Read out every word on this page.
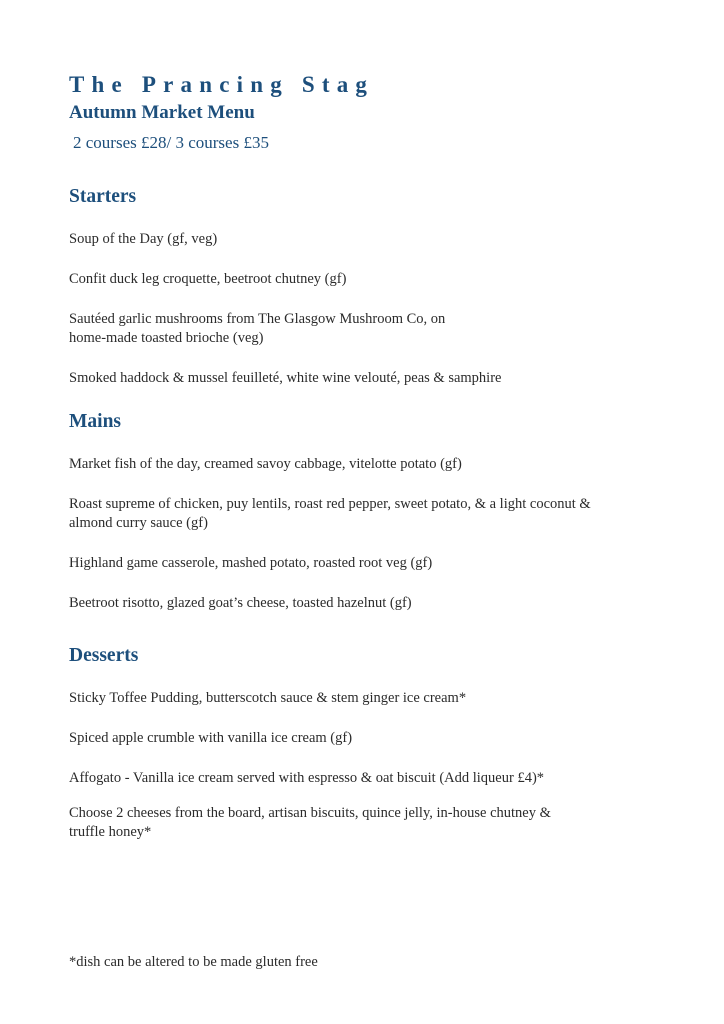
The Prancing Stag
Autumn Market Menu
2 courses £28/ 3 courses £35
Starters
Soup of the Day (gf, veg)
Confit duck leg croquette, beetroot chutney (gf)
Sautéed garlic mushrooms from The Glasgow Mushroom Co, on
home-made toasted brioche (veg)
Smoked haddock & mussel feuilleté, white wine velouté, peas & samphire
Mains
Market fish of the day, creamed savoy cabbage, vitelotte potato (gf)
Roast supreme of chicken, puy lentils, roast red pepper, sweet potato, & a light coconut &
almond curry sauce (gf)
Highland game casserole, mashed potato, roasted root veg (gf)
Beetroot risotto, glazed goat’s cheese, toasted hazelnut (gf)
Desserts
Sticky Toffee Pudding, butterscotch sauce & stem ginger ice cream*
Spiced apple crumble with vanilla ice cream (gf)
Affogato - Vanilla ice cream served with espresso & oat biscuit (Add liqueur £4)*
Choose 2 cheeses from the board, artisan biscuits, quince jelly, in-house chutney &
truffle honey*
*dish can be altered to be made gluten free
